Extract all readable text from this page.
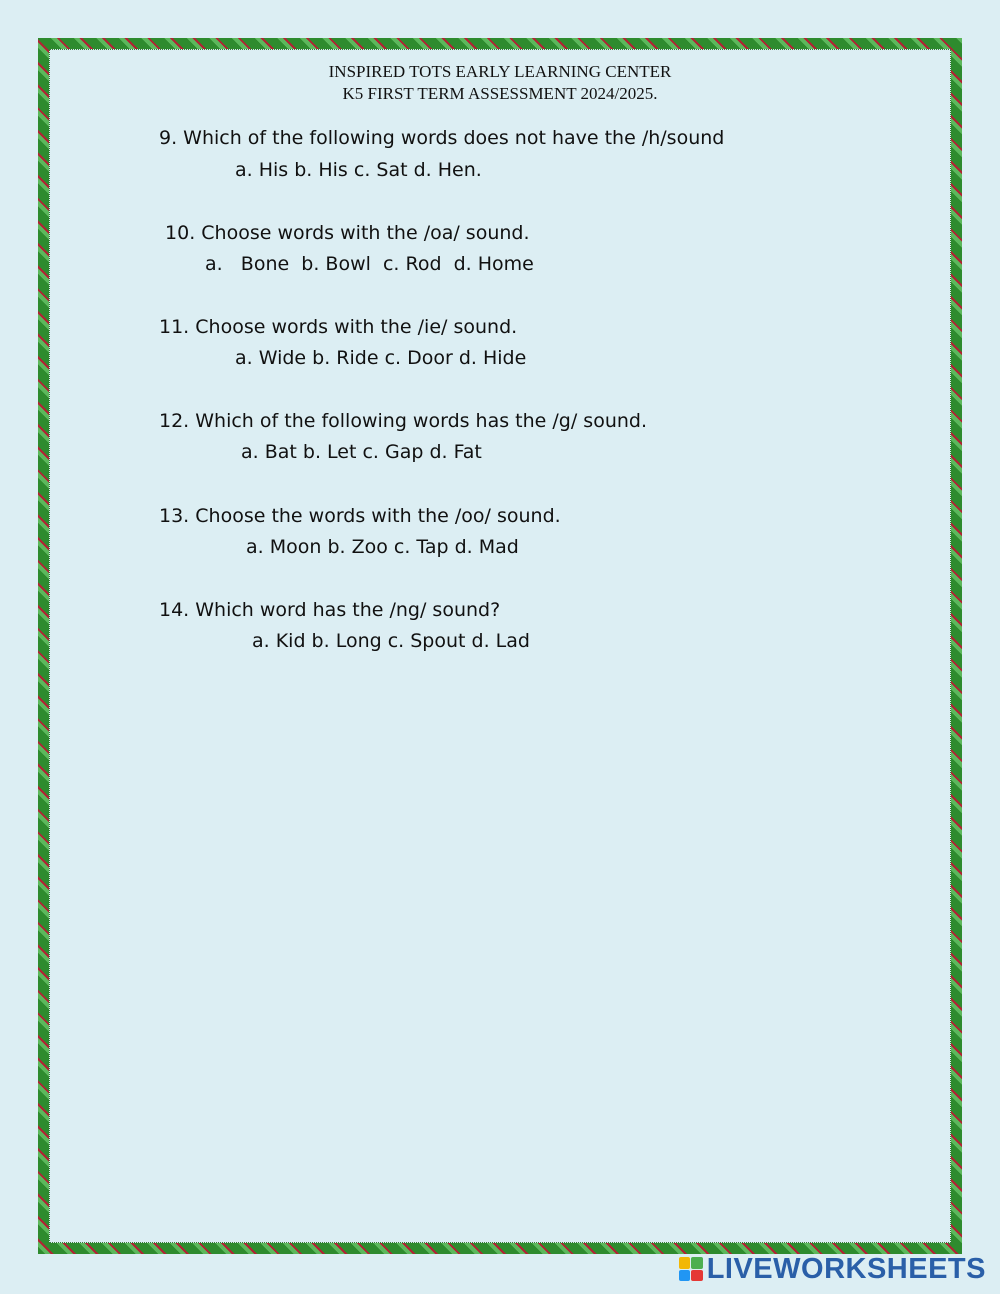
INSPIRED TOTS EARLY LEARNING CENTER
K5 FIRST TERM ASSESSMENT 2024/2025.
9. Which of the following words does not have the /h/sound
a. His b. His c. Sat d. Hen.
10. Choose words with the /oa/ sound.
a.   Bone  b. Bowl  c. Rod  d. Home
11. Choose words with the /ie/ sound.
a. Wide b. Ride c. Door d. Hide
12. Which of the following words has the /g/ sound.
a. Bat b. Let c. Gap d. Fat
13. Choose the words with the /oo/ sound.
a. Moon b. Zoo c. Tap d. Mad
14. Which word has the /ng/ sound?
a. Kid b. Long c. Spout d. Lad
LIVEWORKSHEETS
